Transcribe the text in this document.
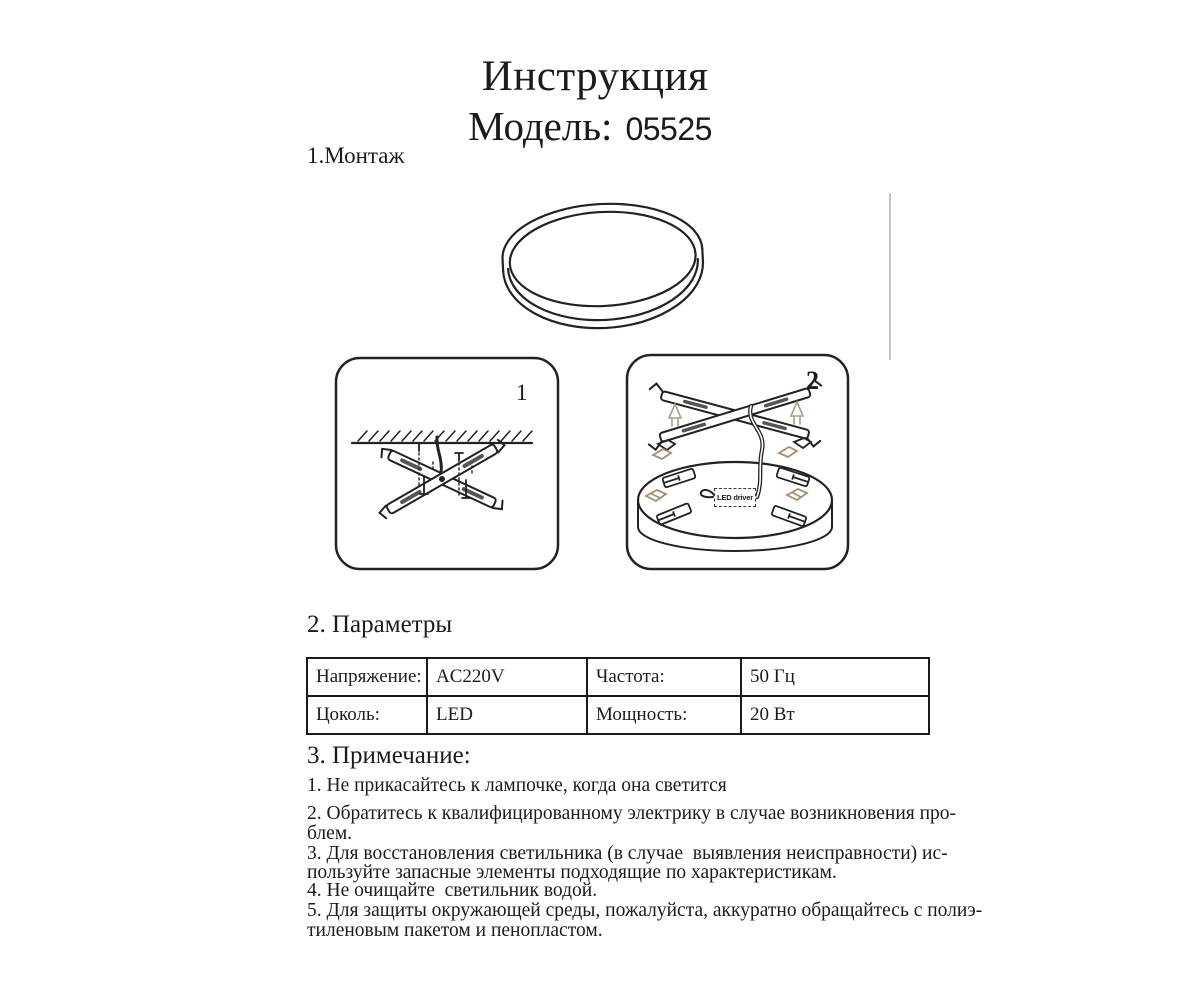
Инструкция
Модель: 05525
1.Монтаж
2. Параметры
3. Примечание:
1	2
LED driver
Напряжение:	AC220V	Частота:	50 Гц
Цоколь:	LED	Мощность:	20 Вт
1. Не прикасайтесь к лампочке, когда она светится
2. Обратитесь к квалифицированному электрику в случае возникновения про-
блем.
3. Для восстановления светильника (в случае  выявления неисправности) ис-
пользуйте запасные элементы подходящие по характеристикам.
4. Не очищайте  светильник водой.
5. Для защиты окружающей среды, пожалуйста, аккуратно обращайтесь с полиэ-
тиленовым пакетом и пенопластом.
